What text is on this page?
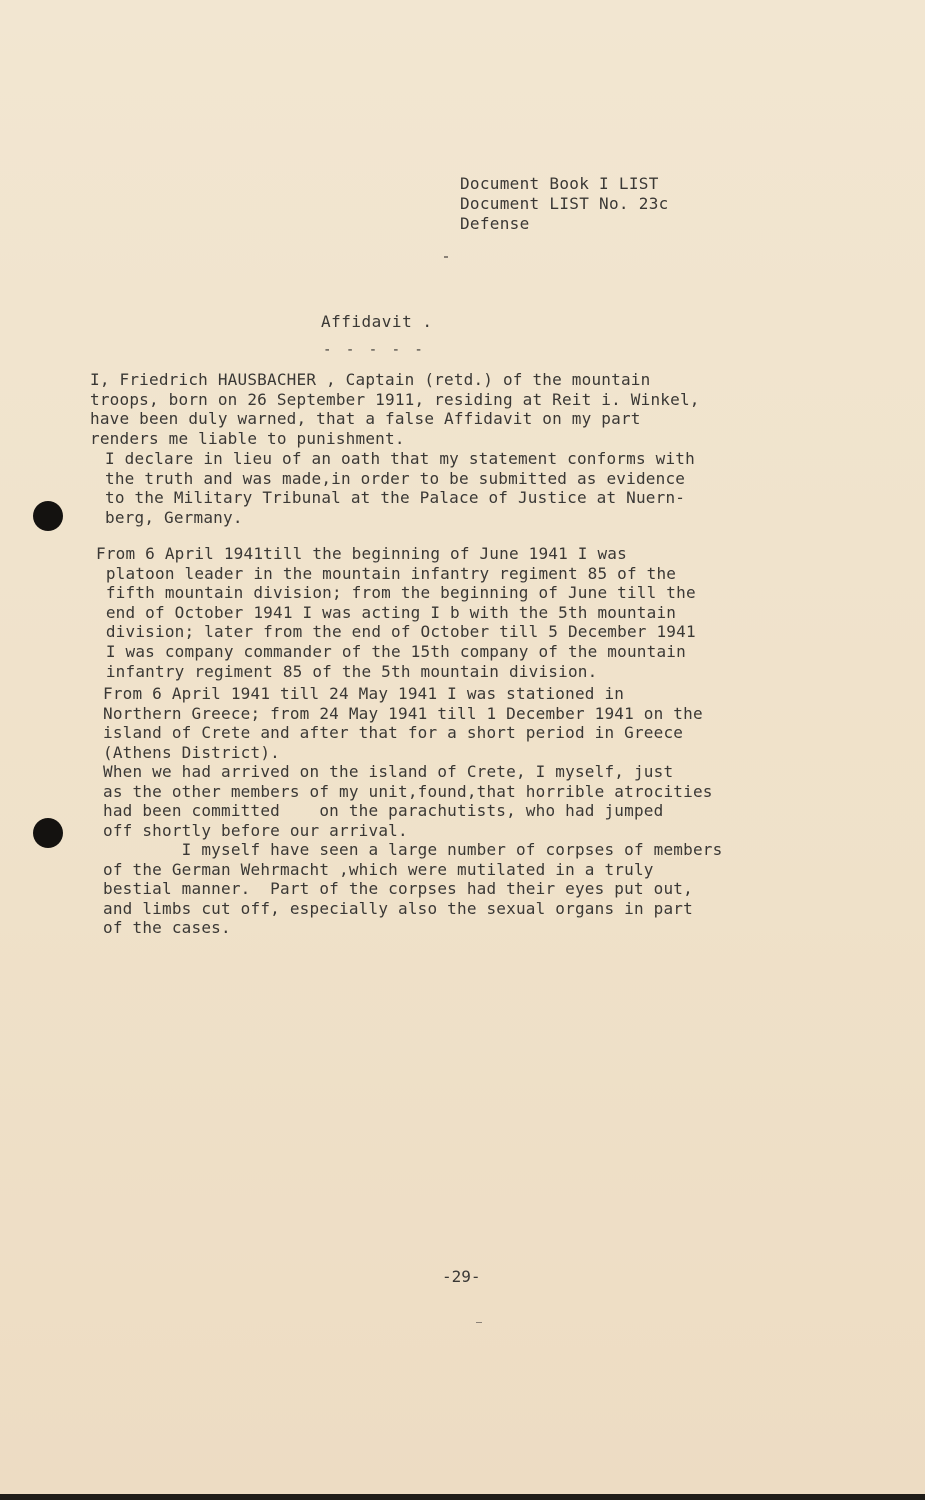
Document Book I LIST
Document LIST No. 23c
Defense
Affidavit .
- - - - -
I, Friedrich HAUSBACHER , Captain (retd.) of the mountain
troops, born on 26 September 1911, residing at Reit i. Winkel,
have been duly warned, that a false Affidavit on my part
renders me liable to punishment.
I declare in lieu of an oath that my statement conforms with
the truth and was made,in order to be submitted as evidence
to the Military Tribunal at the Palace of Justice at Nuern-
berg, Germany.
From 6 April 1941till the beginning of June 1941 I was
platoon leader in the mountain infantry regiment 85 of the
fifth mountain division; from the beginning of June till the
end of October 1941 I was acting I b with the 5th mountain
division; later from the end of October till 5 December 1941
I was company commander of the 15th company of the mountain
infantry regiment 85 of the 5th mountain division.
From 6 April 1941 till 24 May 1941 I was stationed in
Northern Greece; from 24 May 1941 till 1 December 1941 on the
island of Crete and after that for a short period in Greece
(Athens District).
When we had arrived on the island of Crete, I myself, just
as the other members of my unit,found,that horrible atrocities
had been committed    on the parachutists, who had jumped
off shortly before our arrival.
I myself have seen a large number of corpses of members
of the German Wehrmacht ,which were mutilated in a truly
bestial manner.  Part of the corpses had their eyes put out,
and limbs cut off, especially also the sexual organs in part
of the cases.
-29-
